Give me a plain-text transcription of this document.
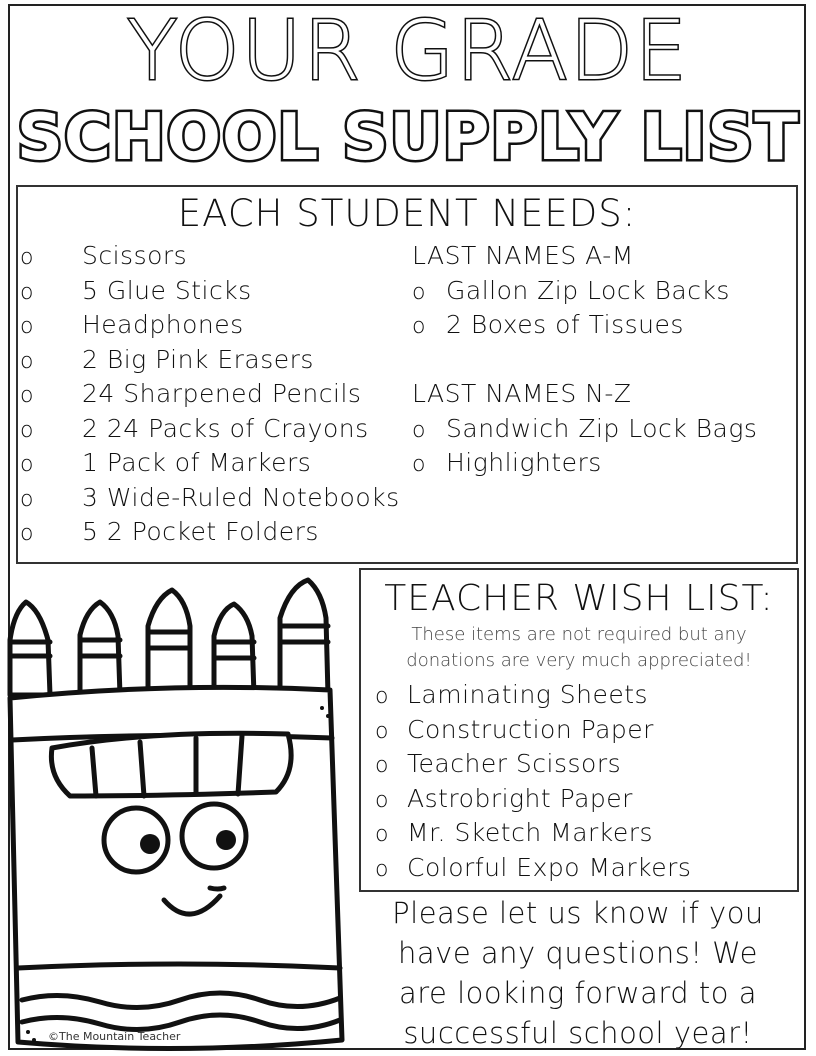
YOUR GRADE
SCHOOL SUPPLY LIST
EACH STUDENT NEEDS:
o Scissors
o 5 Glue Sticks
o Headphones
o 2 Big Pink Erasers
o 24 Sharpened Pencils
o 2 24 Packs of Crayons
o 1 Pack of Markers
o 3 Wide-Ruled Notebooks
o 5 2 Pocket Folders
LAST NAMES A-M
o Gallon Zip Lock Backs
o 2 Boxes of Tissues
LAST NAMES N-Z
o Sandwich Zip Lock Bags
o Highlighters
©The Mountain Teacher
TEACHER WISH LIST:
These items are not required but any
donations are very much appreciated!
o Laminating Sheets
o Construction Paper
o Teacher Scissors
o Astrobright Paper
o Mr. Sketch Markers
o Colorful Expo Markers
Please let us know if you
have any questions! We
are looking forward to a
successful school year!
